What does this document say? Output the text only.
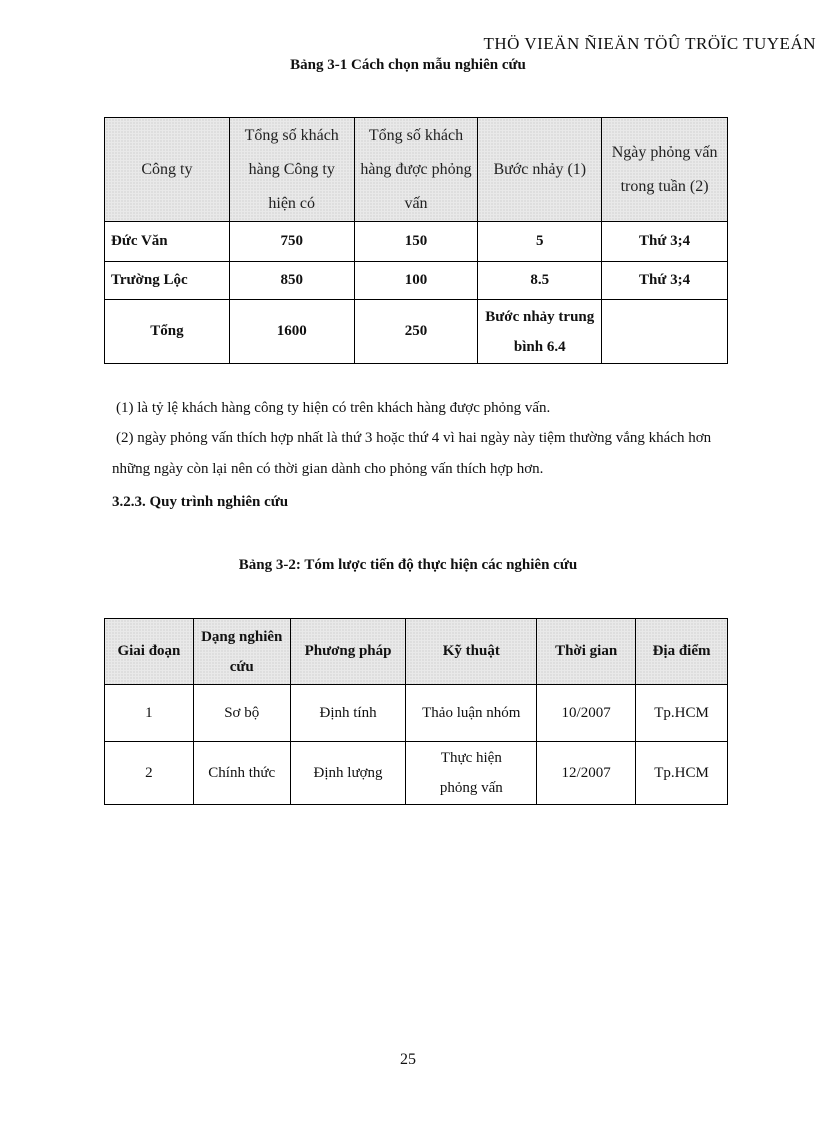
THÖ VIEÄN ÑIEÄN TÖÛ TRÖÏC TUYEÁN
Bảng 3-1 Cách chọn mẫu nghiên cứu
Công ty	Tổng số khách hàng Công ty hiện có	Tổng số khách hàng được phỏng vấn	Bước nhảy (1)	Ngày phỏng vấn trong tuần (2)
Đức Văn	750	150	5	Thứ 3;4
Trường Lộc	850	100	8.5	Thứ 3;4
Tổng	1600	250	Bước nhảy trung bình 6.4	
(1) là tỷ lệ khách hàng công ty hiện có trên khách hàng được phỏng vấn.
(2) ngày phỏng vấn thích hợp nhất là thứ 3 hoặc thứ 4 vì hai ngày này tiệm thường vắng khách hơn những ngày còn lại nên có thời gian dành cho phỏng vấn thích hợp hơn.
3.2.3. Quy trình nghiên cứu
Bảng 3-2: Tóm lược tiến độ thực hiện các nghiên cứu
Giai đoạn	Dạng nghiên cứu	Phương pháp	Kỹ thuật	Thời gian	Địa điểm
1	Sơ bộ	Định tính	Thảo luận nhóm	10/2007	Tp.HCM
2	Chính thức	Định lượng	Thực hiện phỏng vấn	12/2007	Tp.HCM
25
